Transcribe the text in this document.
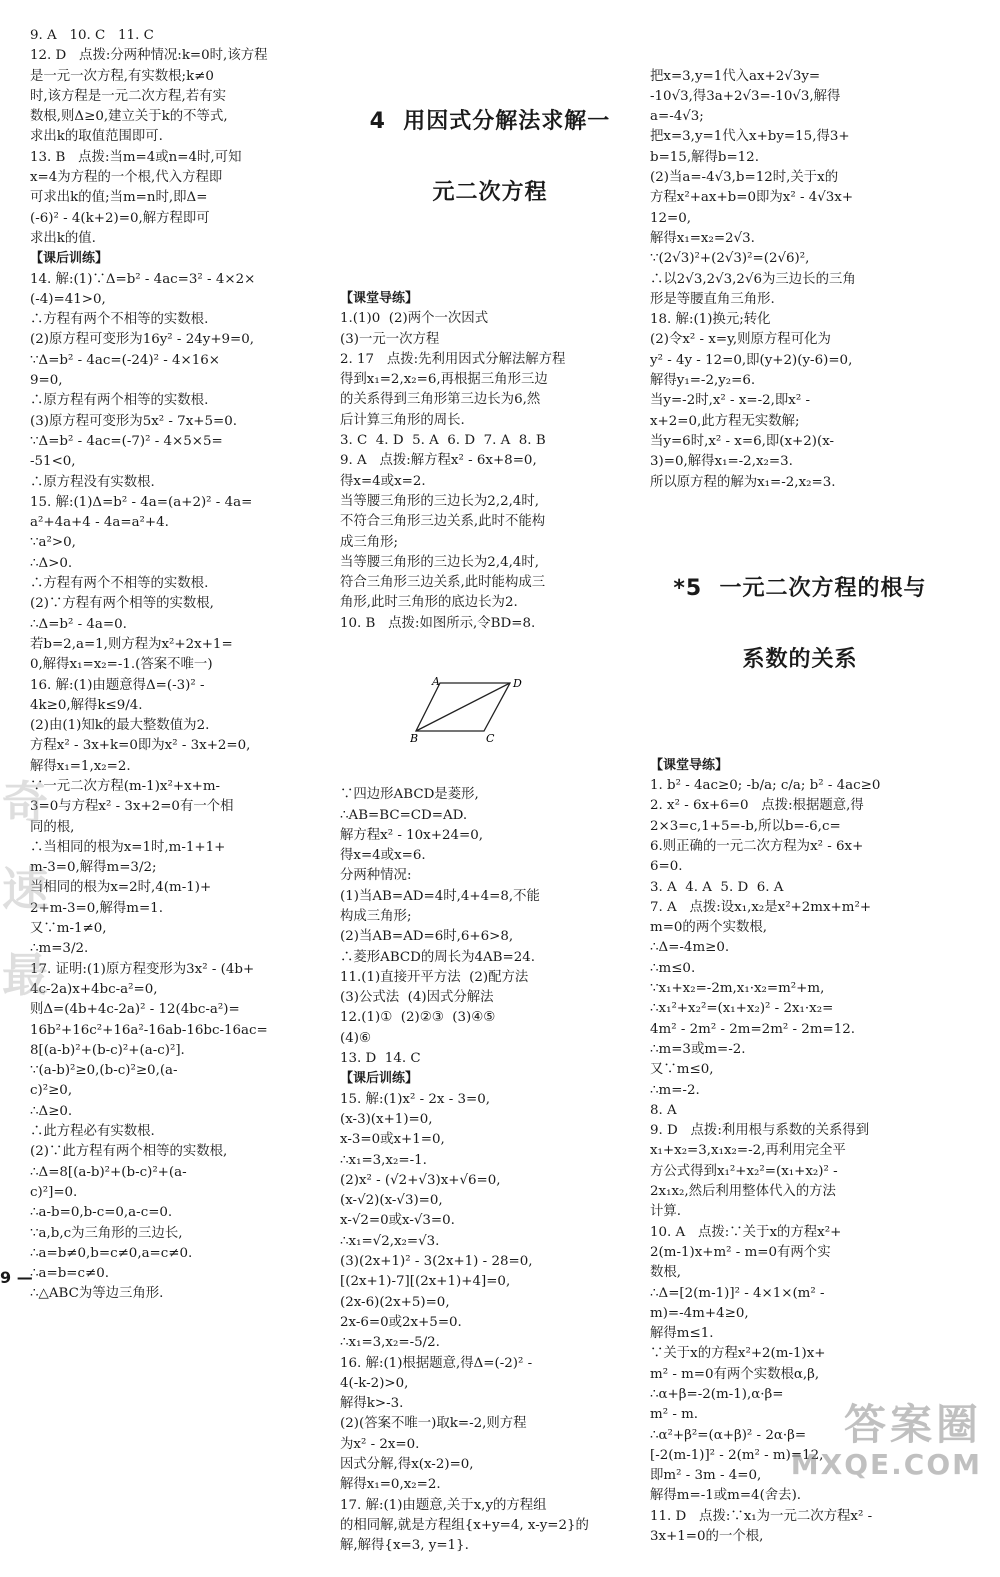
9. A   10. C   11. C
12. D   点拨:分两种情况:k=0时,该方程
是一元一次方程,有实数根;k≠0
时,该方程是一元二次方程,若有实
数根,则Δ≥0,建立关于k的不等式,
求出k的取值范围即可.
13. B   点拨:当m=4或n=4时,可知
x=4为方程的一个根,代入方程即
可求出k的值;当m=n时,即Δ=
(-6)² - 4(k+2)=0,解方程即可
求出k的值.
【课后训练】
14. 解:(1)∵Δ=b² - 4ac=3² - 4×2×
(-4)=41>0,
∴方程有两个不相等的实数根.
(2)原方程可变形为16y² - 24y+9=0,
∵Δ=b² - 4ac=(-24)² - 4×16×
9=0,
∴原方程有两个相等的实数根.
(3)原方程可变形为5x² - 7x+5=0.
∵Δ=b² - 4ac=(-7)² - 4×5×5=
-51<0,
∴原方程没有实数根.
15. 解:(1)Δ=b² - 4a=(a+2)² - 4a=
a²+4a+4 - 4a=a²+4.
∵a²>0,
∴Δ>0.
∴方程有两个不相等的实数根.
(2)∵方程有两个相等的实数根,
∴Δ=b² - 4a=0.
若b=2,a=1,则方程为x²+2x+1=
0,解得x₁=x₂=-1.(答案不唯一)
16. 解:(1)由题意得Δ=(-3)² -
4k≥0,解得k≤9/4.
(2)由(1)知k的最大整数值为2.
方程x² - 3x+k=0即为x² - 3x+2=0,
解得x₁=1,x₂=2.
∵一元二次方程(m-1)x²+x+m-
3=0与方程x² - 3x+2=0有一个相
同的根,
∴当相同的根为x=1时,m-1+1+
m-3=0,解得m=3/2;
当相同的根为x=2时,4(m-1)+
2+m-3=0,解得m=1.
又∵m-1≠0,
∴m=3/2.
17. 证明:(1)原方程变形为3x² - (4b+
4c-2a)x+4bc-a²=0,
则Δ=(4b+4c-2a)² - 12(4bc-a²)=
16b²+16c²+16a²-16ab-16bc-16ac=
8[(a-b)²+(b-c)²+(a-c)²].
∵(a-b)²≥0,(b-c)²≥0,(a-
c)²≥0,
∴Δ≥0.
∴此方程必有实数根.
(2)∵此方程有两个相等的实数根,
∴Δ=8[(a-b)²+(b-c)²+(a-
c)²]=0.
∴a-b=0,b-c=0,a-c=0.
∵a,b,c为三角形的三边长,
∴a=b≠0,b=c≠0,a=c≠0.
∴a=b=c≠0.
∴△ABC为等边三角形.

4  用因式分解法求解一

元二次方程

【课堂导练】
1.(1)0  (2)两个一次因式
(3)一元一次方程
2. 17   点拨:先利用因式分解法解方程
得到x₁=2,x₂=6,再根据三角形三边
的关系得到三角形第三边长为6,然
后计算三角形的周长.
3. C  4. D  5. A  6. D  7. A  8. B
9. A   点拨:解方程x² - 6x+8=0,
得x=4或x=2.
当等腰三角形的三边长为2,2,4时,
不符合三角形三边关系,此时不能构
成三角形;
当等腰三角形的三边长为2,4,4时,
符合三角形三边关系,此时能构成三
角形,此时三角形的底边长为2.
10. B   点拨:如图所示,令BD=8.

A	D
B	C

∵四边形ABCD是菱形,
∴AB=BC=CD=AD.
解方程x² - 10x+24=0,
得x=4或x=6.
分两种情况:
(1)当AB=AD=4时,4+4=8,不能
构成三角形;
(2)当AB=AD=6时,6+6>8,
∴菱形ABCD的周长为4AB=24.
11.(1)直接开平方法  (2)配方法
(3)公式法  (4)因式分解法
12.(1)①  (2)②③  (3)④⑤
(4)⑥
13. D  14. C
【课后训练】
15. 解:(1)x² - 2x - 3=0,
(x-3)(x+1)=0,
x-3=0或x+1=0,
∴x₁=3,x₂=-1.
(2)x² - (√2+√3)x+√6=0,
(x-√2)(x-√3)=0,
x-√2=0或x-√3=0.
∴x₁=√2,x₂=√3.
(3)(2x+1)² - 3(2x+1) - 28=0,
[(2x+1)-7][(2x+1)+4]=0,
(2x-6)(2x+5)=0,
2x-6=0或2x+5=0.
∴x₁=3,x₂=-5/2.
16. 解:(1)根据题意,得Δ=(-2)² -
4(-k-2)>0,
解得k>-3.
(2)(答案不唯一)取k=-2,则方程
为x² - 2x=0.
因式分解,得x(x-2)=0,
解得x₁=0,x₂=2.
17. 解:(1)由题意,关于x,y的方程组
的相同解,就是方程组{x+y=4, x-y=2}的
解,解得{x=3, y=1}.

把x=3,y=1代入ax+2√3y=
-10√3,得3a+2√3=-10√3,解得
a=-4√3;
把x=3,y=1代入x+by=15,得3+
b=15,解得b=12.
(2)当a=-4√3,b=12时,关于x的
方程x²+ax+b=0即为x² - 4√3x+
12=0,
解得x₁=x₂=2√3.
∵(2√3)²+(2√3)²=(2√6)²,
∴以2√3,2√3,2√6为三边长的三角
形是等腰直角三角形.
18. 解:(1)换元;转化
(2)令x² - x=y,则原方程可化为
y² - 4y - 12=0,即(y+2)(y-6)=0,
解得y₁=-2,y₂=6.
当y=-2时,x² - x=-2,即x² -
x+2=0,此方程无实数解;
当y=6时,x² - x=6,即(x+2)(x-
3)=0,解得x₁=-2,x₂=3.
所以原方程的解为x₁=-2,x₂=3.

*5  一元二次方程的根与

系数的关系

【课堂导练】
1. b² - 4ac≥0; -b/a; c/a; b² - 4ac≥0
2. x² - 6x+6=0   点拨:根据题意,得
2×3=c,1+5=-b,所以b=-6,c=
6.则正确的一元二次方程为x² - 6x+
6=0.
3. A  4. A  5. D  6. A
7. A   点拨:设x₁,x₂是x²+2mx+m²+
m=0的两个实数根,
∴Δ=-4m≥0.
∴m≤0.
∵x₁+x₂=-2m,x₁·x₂=m²+m,
∴x₁²+x₂²=(x₁+x₂)² - 2x₁·x₂=
4m² - 2m² - 2m=2m² - 2m=12.
∴m=3或m=-2.
又∵m≤0,
∴m=-2.
8. A
9. D   点拨:利用根与系数的关系得到
x₁+x₂=3,x₁x₂=-2,再利用完全平
方公式得到x₁²+x₂²=(x₁+x₂)² -
2x₁x₂,然后利用整体代入的方法
计算.
10. A   点拨:∵关于x的方程x²+
2(m-1)x+m² - m=0有两个实
数根,
∴Δ=[2(m-1)]² - 4×1×(m² -
m)=-4m+4≥0,
解得m≤1.
∵关于x的方程x²+2(m-1)x+
m² - m=0有两个实数根α,β,
∴α+β=-2(m-1),α·β=
m² - m.
∴α²+β²=(α+β)² - 2α·β=
[-2(m-1)]² - 2(m² - m)=12,
即m² - 3m - 4=0,
解得m=-1或m=4(舍去).
11. D   点拨:∵x₁为一元二次方程x² -
3x+1=0的一个根,

奇速最
9 —
答案圈
MXQE.COM
